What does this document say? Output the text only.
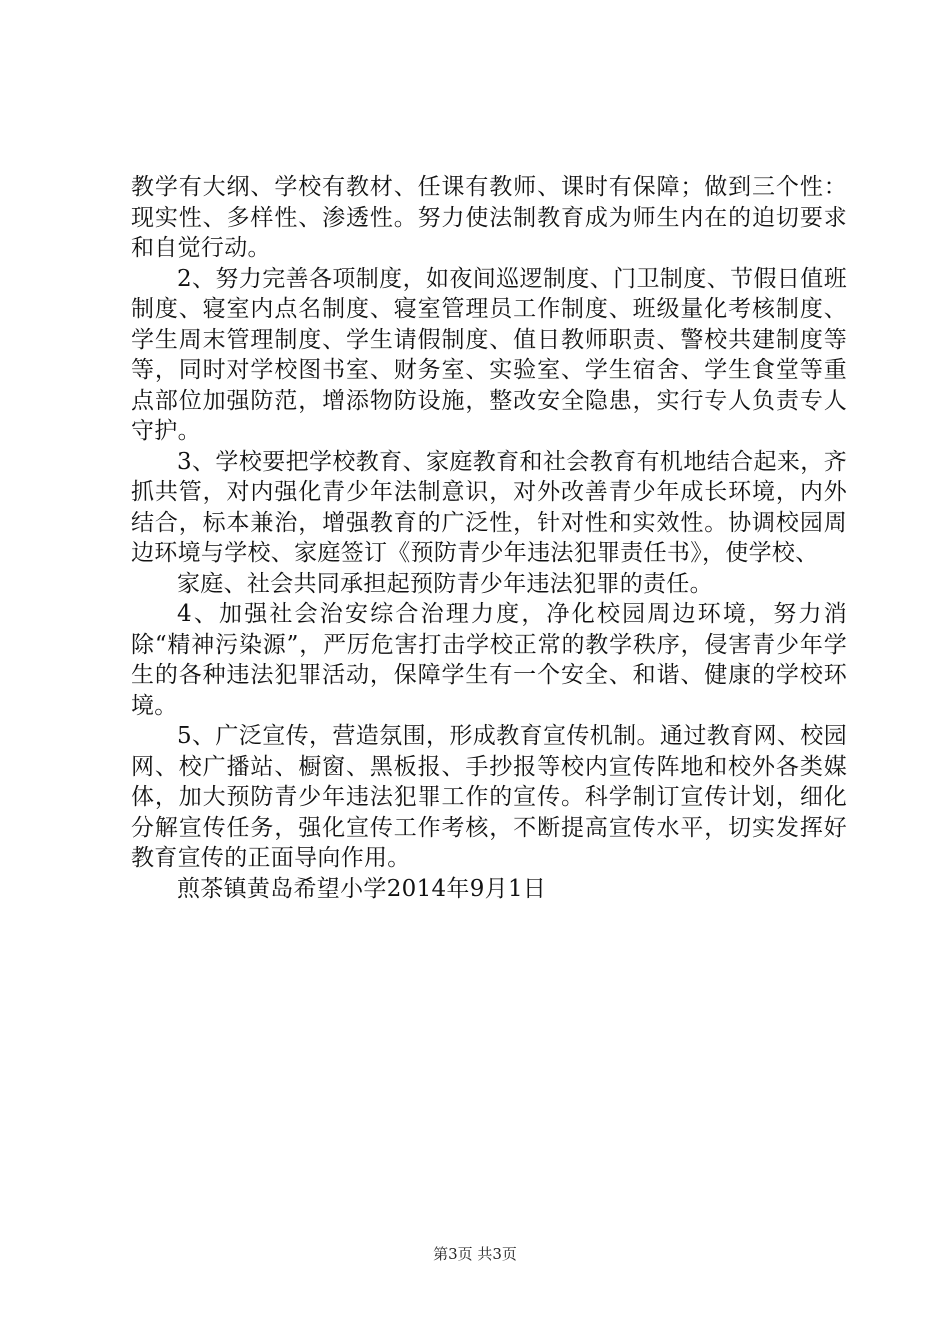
教学有大纲、学校有教材、任课有教师、课时有保障；做到三个性：现实性、多样性、渗透性。努力使法制教育成为师生内在的迫切要求和自觉行动。

2、努力完善各项制度，如夜间巡逻制度、门卫制度、节假日值班制度、寝室内点名制度、寝室管理员工作制度、班级量化考核制度、学生周末管理制度、学生请假制度、值日教师职责、警校共建制度等等，同时对学校图书室、财务室、实验室、学生宿舍、学生食堂等重点部位加强防范，增添物防设施，整改安全隐患，实行专人负责专人守护。

3、学校要把学校教育、家庭教育和社会教育有机地结合起来，齐抓共管，对内强化青少年法制意识，对外改善青少年成长环境，内外结合，标本兼治，增强教育的广泛性，针对性和实效性。协调校园周边环境与学校、家庭签订《预防青少年违法犯罪责任书》，使学校、

家庭、社会共同承担起预防青少年违法犯罪的责任。

4、加强社会治安综合治理力度，净化校园周边环境，努力消除“精神污染源”，严厉危害打击学校正常的教学秩序，侵害青少年学生的各种违法犯罪活动，保障学生有一个安全、和谐、健康的学校环境。

5、广泛宣传，营造氛围，形成教育宣传机制。通过教育网、校园网、校广播站、橱窗、黑板报、手抄报等校内宣传阵地和校外各类媒体，加大预防青少年违法犯罪工作的宣传。科学制订宣传计划，细化分解宣传任务，强化宣传工作考核，不断提高宣传水平，切实发挥好教育宣传的正面导向作用。

煎茶镇黄岛希望小学2014年9月1日

第3页 共3页
